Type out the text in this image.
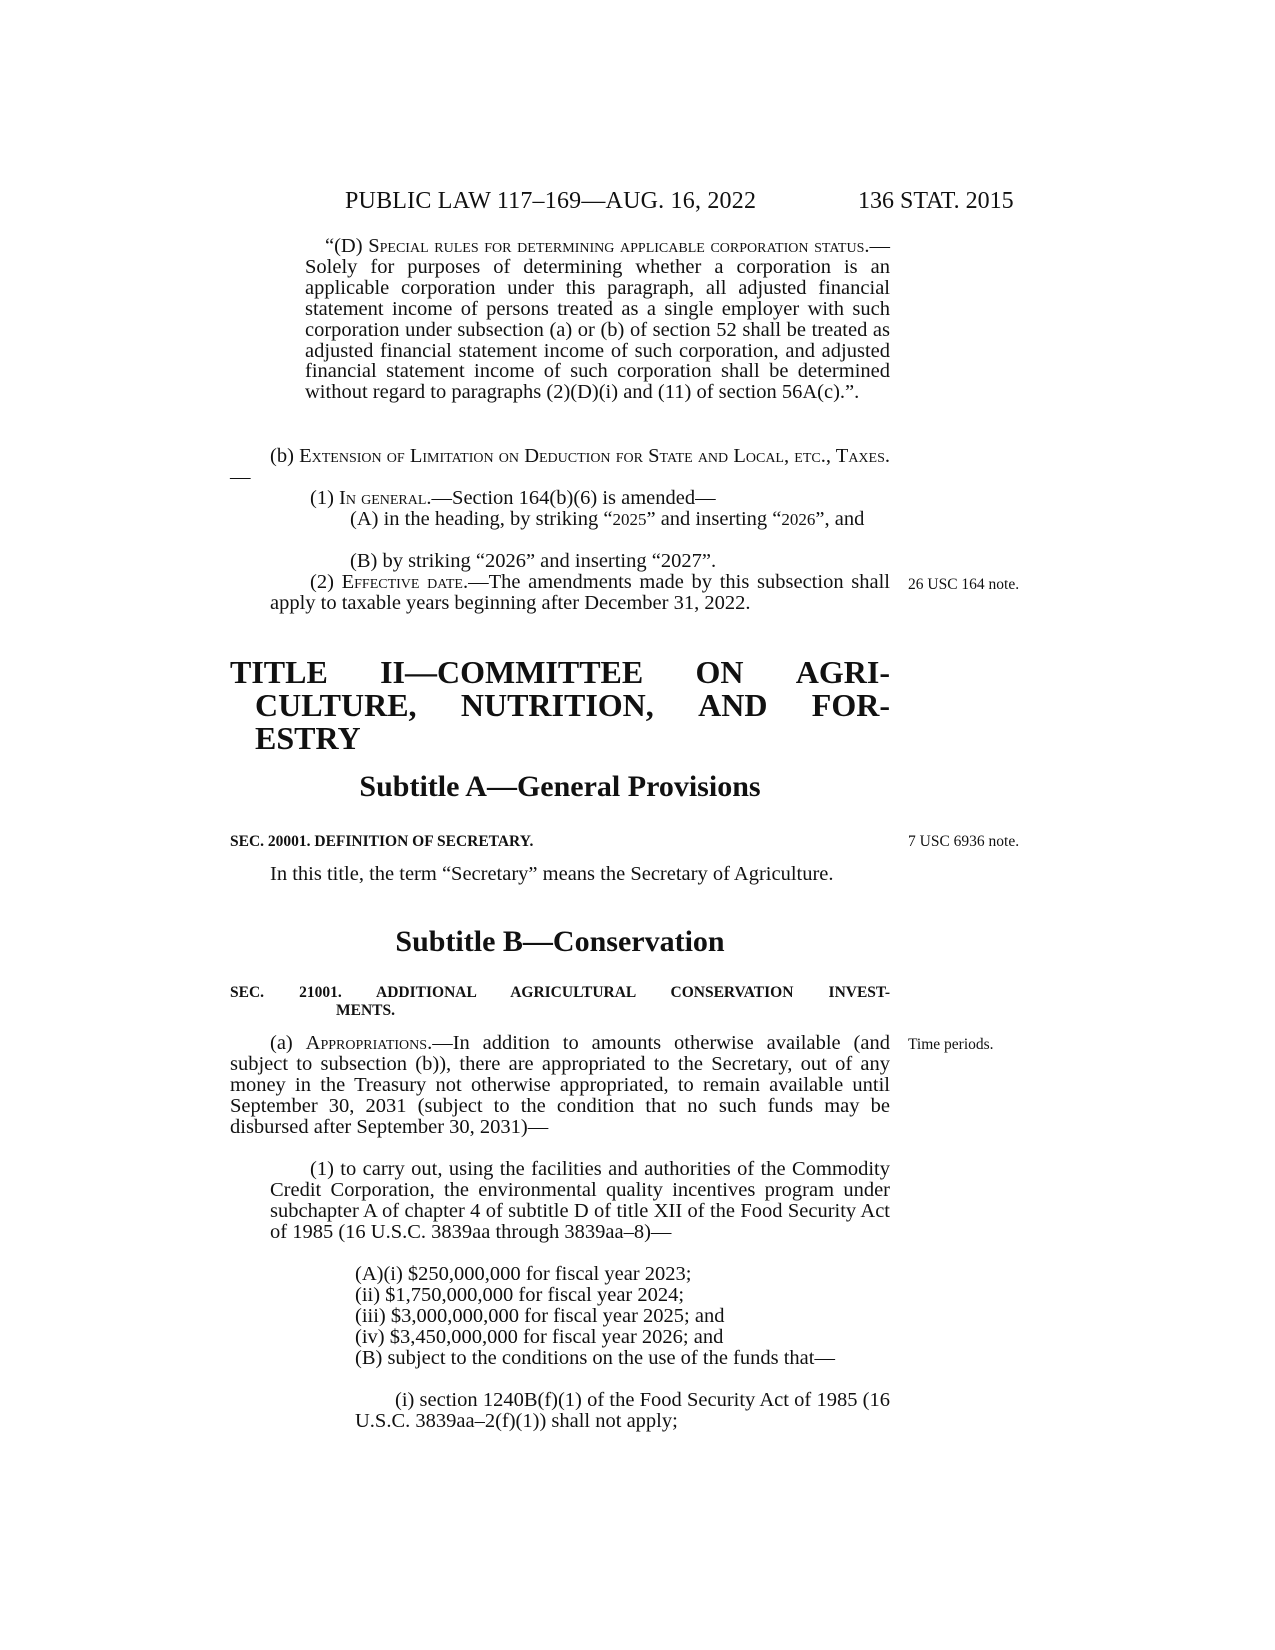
PUBLIC LAW 117–169—AUG. 16, 2022	136 STAT. 2015
“(D) Special rules for determining applicable corporation status.—Solely for purposes of determining whether a corporation is an applicable corporation under this paragraph, all adjusted financial statement income of persons treated as a single employer with such corporation under subsection (a) or (b) of section 52 shall be treated as adjusted financial statement income of such corporation, and adjusted financial statement income of such corporation shall be determined without regard to paragraphs (2)(D)(i) and (11) of section 56A(c).”.
(b) Extension of Limitation on Deduction for State and Local, etc., Taxes.—
(1) In general.—Section 164(b)(6) is amended—
(A) in the heading, by striking “2025” and inserting “2026”, and
(B) by striking “2026” and inserting “2027”.
(2) Effective date.—The amendments made by this subsection shall apply to taxable years beginning after December 31, 2022.
26 USC 164 note.
TITLE II—COMMITTEE ON AGRI-
CULTURE, NUTRITION, AND FOR-
ESTRY
Subtitle A—General Provisions
SEC. 20001. DEFINITION OF SECRETARY.	7 USC 6936 note.
In this title, the term “Secretary” means the Secretary of Agriculture.
Subtitle B—Conservation
SEC. 21001. ADDITIONAL AGRICULTURAL CONSERVATION INVEST-
MENTS.
(a) Appropriations.—In addition to amounts otherwise available (and subject to subsection (b)), there are appropriated to the Secretary, out of any money in the Treasury not otherwise appropriated, to remain available until September 30, 2031 (subject to the condition that no such funds may be disbursed after September 30, 2031)—
Time periods.
(1) to carry out, using the facilities and authorities of the Commodity Credit Corporation, the environmental quality incentives program under subchapter A of chapter 4 of subtitle D of title XII of the Food Security Act of 1985 (16 U.S.C. 3839aa through 3839aa–8)—
(A)(i) $250,000,000 for fiscal year 2023;
(ii) $1,750,000,000 for fiscal year 2024;
(iii) $3,000,000,000 for fiscal year 2025; and
(iv) $3,450,000,000 for fiscal year 2026; and
(B) subject to the conditions on the use of the funds that—
(i) section 1240B(f)(1) of the Food Security Act of 1985 (16 U.S.C. 3839aa–2(f)(1)) shall not apply;
